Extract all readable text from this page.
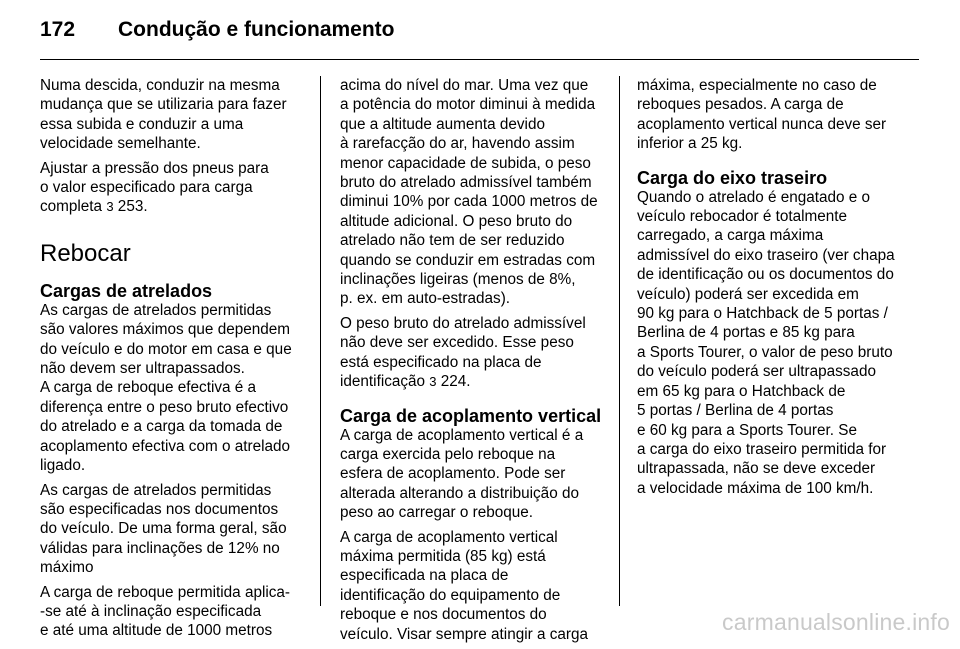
172	Condução e funcionamento

Numa descida, conduzir na mesma
mudança que se utilizaria para fazer
essa subida e conduzir a uma
velocidade semelhante.

Ajustar a pressão dos pneus para
o valor especificado para carga
completa 3 253.

Rebocar
Cargas de atrelados

As cargas de atrelados permitidas
são valores máximos que dependem
do veículo e do motor em casa e que
não devem ser ultrapassados.
A carga de reboque efectiva é a
diferença entre o peso bruto efectivo
do atrelado e a carga da tomada de
acoplamento efectiva com o atrelado
ligado.

As cargas de atrelados permitidas
são especificadas nos documentos
do veículo. De uma forma geral, são
válidas para inclinações de 12% no
máximo

A carga de reboque permitida aplica-
-se até à inclinação especificada
e até uma altitude de 1000 metros

acima do nível do mar. Uma vez que
a potência do motor diminui à medida
que a altitude aumenta devido
à rarefacção do ar, havendo assim
menor capacidade de subida, o peso
bruto do atrelado admissível também
diminui 10% por cada 1000 metros de
altitude adicional. O peso bruto do
atrelado não tem de ser reduzido
quando se conduzir em estradas com
inclinações ligeiras (menos de 8%,
p. ex. em auto-estradas).

O peso bruto do atrelado admissível
não deve ser excedido. Esse peso
está especificado na placa de
identificação 3 224.

Carga de acoplamento vertical

A carga de acoplamento vertical é a
carga exercida pelo reboque na
esfera de acoplamento. Pode ser
alterada alterando a distribuição do
peso ao carregar o reboque.

A carga de acoplamento vertical
máxima permitida (85 kg) está
especificada na placa de
identificação do equipamento de
reboque e nos documentos do
veículo. Visar sempre atingir a carga

máxima, especialmente no caso de
reboques pesados. A carga de
acoplamento vertical nunca deve ser
inferior a 25 kg.

Carga do eixo traseiro

Quando o atrelado é engatado e o
veículo rebocador é totalmente
carregado, a carga máxima
admissível do eixo traseiro (ver chapa
de identificação ou os documentos do
veículo) poderá ser excedida em
90 kg para o Hatchback de 5 portas /
Berlina de 4 portas e 85 kg para
a Sports Tourer, o valor de peso bruto
do veículo poderá ser ultrapassado
em 65 kg para o Hatchback de
5 portas / Berlina de 4 portas
e 60 kg para a Sports Tourer. Se
a carga do eixo traseiro permitida for
ultrapassada, não se deve exceder
a velocidade máxima de 100 km/h.

carmanualsonline.info
